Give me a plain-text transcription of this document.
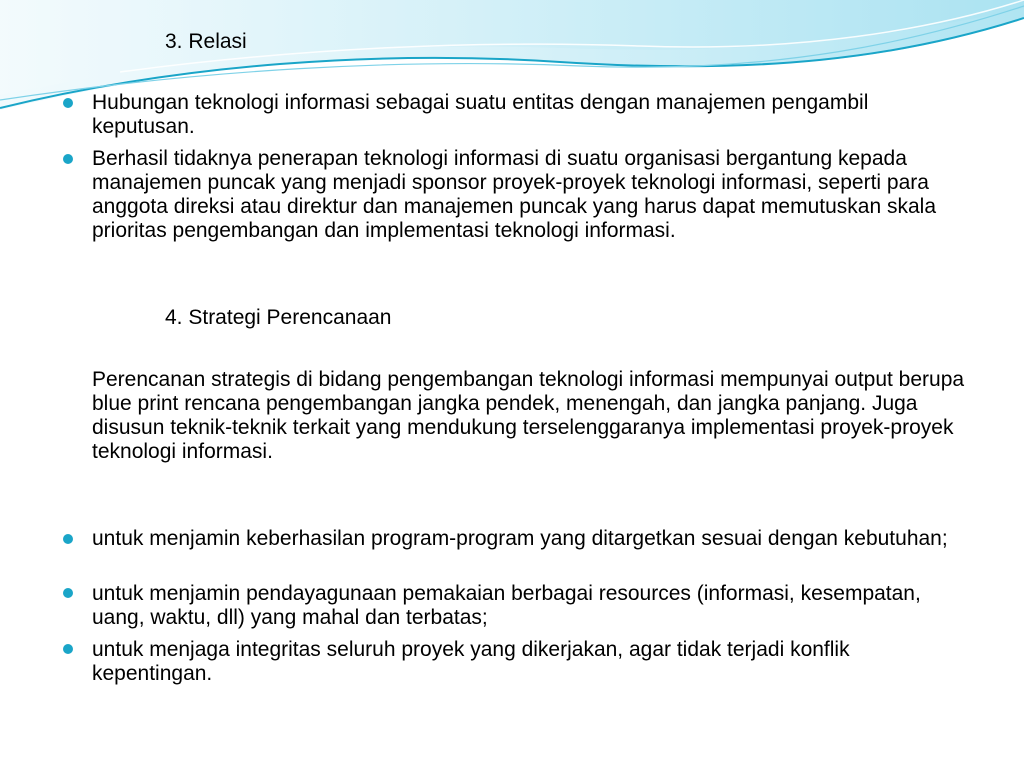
3. Relasi

Hubungan teknologi informasi sebagai suatu entitas dengan manajemen pengambil keputusan.

Berhasil tidaknya penerapan teknologi informasi di suatu organisasi bergantung kepada manajemen puncak yang menjadi sponsor proyek-proyek teknologi informasi, seperti para anggota direksi atau direktur dan manajemen puncak yang harus dapat memutuskan skala prioritas pengembangan dan implementasi teknologi informasi.

4. Strategi Perencanaan

Perencanan strategis di bidang pengembangan teknologi informasi mempunyai output berupa blue print rencana pengembangan jangka pendek, menengah, dan jangka panjang. Juga disusun teknik-teknik terkait yang mendukung terselenggaranya implementasi proyek-proyek teknologi informasi.

untuk menjamin keberhasilan program-program yang ditargetkan sesuai dengan kebutuhan;

untuk menjamin pendayagunaan pemakaian berbagai resources (informasi, kesempatan, uang, waktu, dll) yang mahal dan terbatas;

untuk menjaga integritas seluruh proyek yang dikerjakan, agar tidak terjadi konflik kepentingan.
